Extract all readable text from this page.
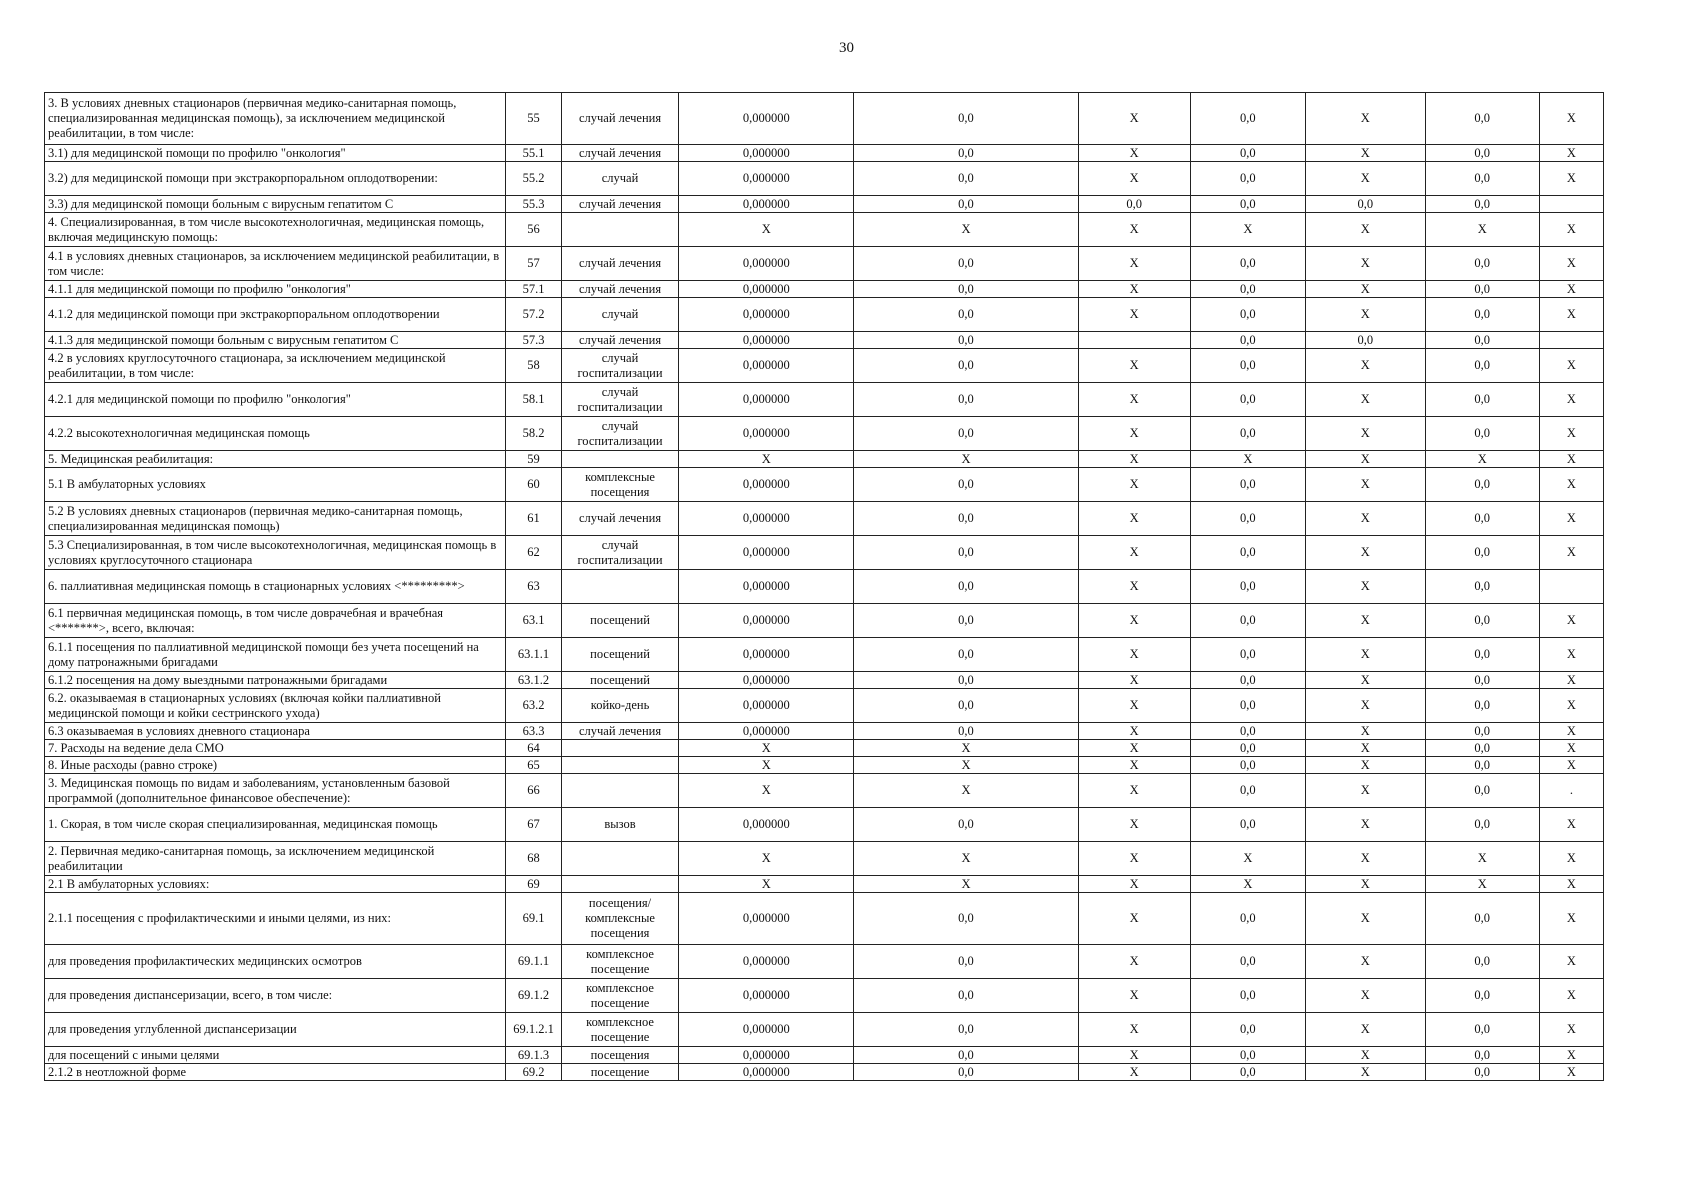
30
3. В условиях дневных стационаров (первичная медико-санитарная помощь, специализированная медицинская помощь), за исключением медицинской реабилитации, в том числе:	55	случай лечения	0,000000	0,0	X	0,0	X	0,0	X
3.1) для медицинской помощи по профилю "онкология"	55.1	случай лечения	0,000000	0,0	X	0,0	X	0,0	X
3.2) для медицинской помощи при экстракорпоральном оплодотворении:	55.2	случай	0,000000	0,0	X	0,0	X	0,0	X
3.3) для медицинской помощи больным с вирусным гепатитом С	55.3	случай лечения	0,000000	0,0	0,0	0,0	0,0	0,0	
4. Специализированная, в том числе высокотехнологичная, медицинская помощь, включая медицинскую помощь:	56		X	X	X	X	X	X	X
4.1 в условиях дневных стационаров, за исключением медицинской реабилитации, в том числе:	57	случай лечения	0,000000	0,0	X	0,0	X	0,0	X
4.1.1 для медицинской помощи по профилю "онкология"	57.1	случай лечения	0,000000	0,0	X	0,0	X	0,0	X
4.1.2 для медицинской помощи при экстракорпоральном оплодотворении	57.2	случай	0,000000	0,0	X	0,0	X	0,0	X
4.1.3 для медицинской помощи больным с вирусным гепатитом С	57.3	случай лечения	0,000000	0,0		0,0	0,0	0,0	
4.2 в условиях круглосуточного стационара, за исключением медицинской реабилитации, в том числе:	58	случай госпитализации	0,000000	0,0	X	0,0	X	0,0	X
4.2.1 для медицинской помощи по профилю "онкология"	58.1	случай госпитализации	0,000000	0,0	X	0,0	X	0,0	X
4.2.2 высокотехнологичная медицинская помощь	58.2	случай госпитализации	0,000000	0,0	X	0,0	X	0,0	X
5. Медицинская реабилитация:	59		X	X	X	X	X	X	X
5.1 В амбулаторных условиях	60	комплексные посещения	0,000000	0,0	X	0,0	X	0,0	X
5.2 В условиях дневных стационаров (первичная медико-санитарная помощь, специализированная медицинская помощь)	61	случай лечения	0,000000	0,0	X	0,0	X	0,0	X
5.3 Специализированная, в том числе высокотехнологичная, медицинская помощь в условиях круглосуточного стационара	62	случай госпитализации	0,000000	0,0	X	0,0	X	0,0	X
6. паллиативная медицинская помощь в стационарных условиях <*********>	63		0,000000	0,0	X	0,0	X	0,0	
6.1 первичная медицинская помощь, в том числе доврачебная и врачебная <*******>, всего, включая:	63.1	посещений	0,000000	0,0	X	0,0	X	0,0	X
6.1.1 посещения по паллиативной медицинской помощи без учета посещений на дому патронажными бригадами	63.1.1	посещений	0,000000	0,0	X	0,0	X	0,0	X
6.1.2 посещения на дому выездными патронажными бригадами	63.1.2	посещений	0,000000	0,0	X	0,0	X	0,0	X
6.2. оказываемая в стационарных условиях (включая койки паллиативной медицинской помощи и койки сестринского ухода)	63.2	койко-день	0,000000	0,0	X	0,0	X	0,0	X
6.3 оказываемая в условиях дневного стационара	63.3	случай лечения	0,000000	0,0	X	0,0	X	0,0	X
7. Расходы на ведение дела СМО	64		X	X	X	0,0	X	0,0	X
8. Иные расходы (равно строке)	65		X	X	X	0,0	X	0,0	X
3. Медицинская помощь по видам и заболеваниям, установленным базовой программой (дополнительное финансовое обеспечение):	66		X	X	X	0,0	X	0,0	.
1. Скорая, в том числе скорая специализированная, медицинская помощь	67	вызов	0,000000	0,0	X	0,0	X	0,0	X
2. Первичная медико-санитарная помощь, за исключением медицинской реабилитации	68		X	X	X	X	X	X	X
2.1 В амбулаторных условиях:	69		X	X	X	X	X	X	X
2.1.1 посещения с профилактическими и иными целями, из них:	69.1	посещения/комплексные посещения	0,000000	0,0	X	0,0	X	0,0	X
для проведения профилактических медицинских осмотров	69.1.1	комплексное посещение	0,000000	0,0	X	0,0	X	0,0	X
для проведения диспансеризации, всего, в том числе:	69.1.2	комплексное посещение	0,000000	0,0	X	0,0	X	0,0	X
для проведения углубленной диспансеризации	69.1.2.1	комплексное посещение	0,000000	0,0	X	0,0	X	0,0	X
для посещений с иными целями	69.1.3	посещения	0,000000	0,0	X	0,0	X	0,0	X
2.1.2 в неотложной форме	69.2	посещение	0,000000	0,0	X	0,0	X	0,0	X
